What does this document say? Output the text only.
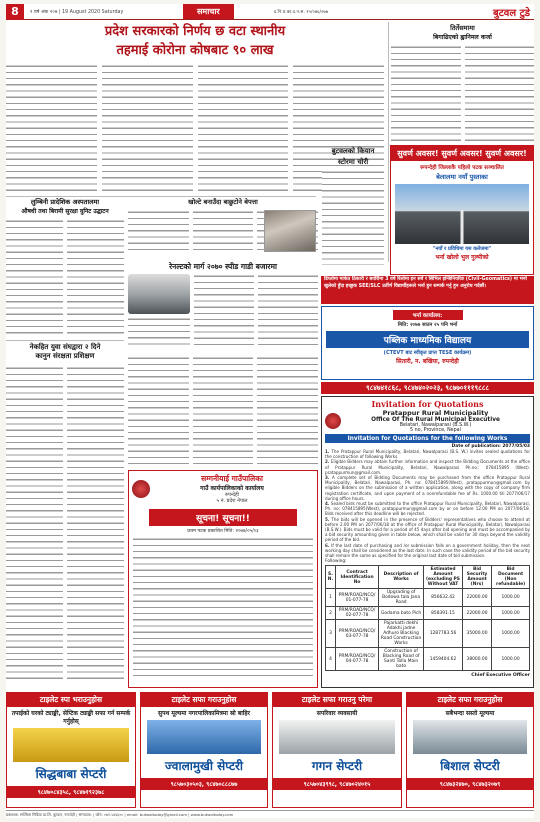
8	१ वर्ष अंक २०७ | 19 August 2020 Saturday	समाचार	द.नि.प्र.का.द.न.स. १५/०७६/०७७	बुटवल टुडे
प्रदेश सरकारको निर्णय छ वटा स्थानीय
तहमाई कोरोना कोषबाट ९० लाख
तिर्तेसमामा
बिगाढिएको ह्वानिमल कर्जा
बुटवलको कियान
स्टोरमा चोरी
सुवर्ण अवसर! सुवर्ण अवसर! सुवर्ण अवसर!
रूपन्देही जिल्लाकै पहिलो पटक सञ्चालित
बेलालमा नयाँ पुस्ताका
"नयाँ र प्रविधिमा यस कलेजमा"
भर्ना खोलो भुल गुल्मीको
डिप्लोमा मार्फत ठिकारी र बयाँरीमा 3 वर्ष रिलोमा इन सर्वे र सिभिल इन्जिनियरिङ (Civil-Geomatics) मा भर्ना खुलेको हुँदा इच्छुक SEE/SLC उर्तीर्ण विद्यार्थीहरूले भर्ना हुन सम्पर्क गर्नु हुन अनुरोध गर्दछौं।
भर्ना कार्यालय:
मिति: २०७७ साउन २५ पनि भर्ना
पब्लिक माध्यमिक विद्यालय
(CTEVT बाट स्वीकृत प्राप्त TESE कार्यक्रम)
सितारी, न. बखिया, रुपन्देही
९८४७४१८६८, ९८४७४०२०२३, ९८७७०१११९८८८
लुम्बिनी प्रादेशिक अस्पतालमा
औषधी तथा बिरामी सुरक्षा युनिट उद्घाटन
खोल्टे बनाउँदा बाछुटोने बेपत्ता
रेनल्टको मार्ग २०७० स्पीड गाडी बजारमा
नेकहित युवा संघद्वारा २ दिने
कानुन संरक्षता प्रशिक्षण
सम्गनीयाई गाउँपालिका
गाउँ कार्यपालिकाको कार्यालय
रुपन्देही
५ नं. प्रदेश नेपाल
सूचना! सूचना!!
प्रथम पटक प्रकाशित मिति: २०७७/०५/०३
Invitation for Quotations
Pratappur Rural Municipality
Office Of The Rural Municipal Executive
Belatari, Nawalparasi (B.S.W.)
5 no, Province, Nepal
Invitation for Quotations for the following Works
Date of publication: 2077/05/03
1. The Pratappur Rural Municipality, Belatari, Nawalparasi (B.S. W.) invites sealed quotations for the construction of following Works.
2. Eligible Bidders may obtain further information and inspect the Bidding Documents at the office of Pratappur Rural Municipality, Belatari, Nawalparasi Ph.no.: 078415895 (West). pratappurmun@gmail.com.
3. A complete set of Bidding Documents may be purchased from the office Pratappur Rural Municipality, Belatari, Nawalparasi, Ph. no: 078415895(West), pratappurmun@gmail.com by eligible Bidders on the submission of a written application, along with the copy of company firm registration certificate, and upon payment of a nonrefundable fee of Rs. 1000.00 till 2077/06/17 during office hours.
4. Sealed bids must be submitted to the office Pratappur Rural Municipality, Belatari, Nawalparasi, Ph. no: 078415895(West), pratappurmun@gmail.com by or on before 12.00 PM on 2077/06/18. Bids received after this deadline will be rejected.
5. The bids will be opened in the presence of Bidders' representatives who choose to attend at before 2.00 PM on 2077/06/18 at the office of Pratappur Rural Municipality, Belatari, Nawalparasi (B.S.W.). Bids must be valid for a period of 45 days after bid opening and must be accompanied by a bid security amounting given in table below, which shall be valid for 30 days beyond the validity period of the bid.
6. If the last date of purchasing and /or submission falls on a government holiday, then the next working day shall be considered as the last date. In such case the validity period of the bid security shall remain the same as specified for the original last date of bid submission.
Following:
S. N.	Contract Identification No	Description of Works	Estimated Amount (excluding PS Without VAT	Bid Security Amount (Nrs)	Bid Document (Non refundable)
1	PRM/ROAD/NCQ/ 01-077-78	Upgrading of Bodowa tala Jana Road	856632.42	22000.00	1000.00
2	PRM/ROAD/NCQ/ 02-077-78	Godama bato Pich	858391.15	22000.00	1000.00
3	PRM/ROAD/NCQ/ 03-077-78	Pajarkatti dekhi Adakhi jadne Adhuro Blacking Road Construction Works	1287783.56	35000.00	1000.00
4	PRM/ROAD/NCQ/ 04-077-78	Construction of Blacking Road of Santi Tolla Main bato	1459404.62	38000.00	1000.00
Chief Executive Officer
टाइलेट स्पा भराउनुहोस
तपाईको घरको ट्याङ्की, सेप्टिक ट्याङ्की सफा गर्न सम्पर्क गर्नुहोस्
सिद्धबाबा सेप्टरी
९८४७०८४३५८, ९८४७१९२३७८
टाइलेट सफा गराउनुहोस
सुपथ मूल्यमा नगरपालिकामित्रमा स्रो बाहिर
ज्वालामुखी सेप्टरी
९८५७०३०५०३, ९८४७०८८८७७
टाइलेट सफा गराउनु परेमा
सपरिवार व्यवसायी
गगन सेप्टरी
९८५७०४३९९८, ९८४७०२४०१५
टाइलेट सफा गराउनुहोस
सबैभन्दा सस्तो मूल्यमा
बिशाल सेप्टरी
९८४७३२४७०, ९८४७३२०७९
प्रकाशक: सञ्चिता मिडिया प्रा.लि. बुटवल, रुपन्देही | सम्पादक: | फोन: ०७१-५४६६०० | email: butwaltoday@gmail.com | www.butwaltoday.com
